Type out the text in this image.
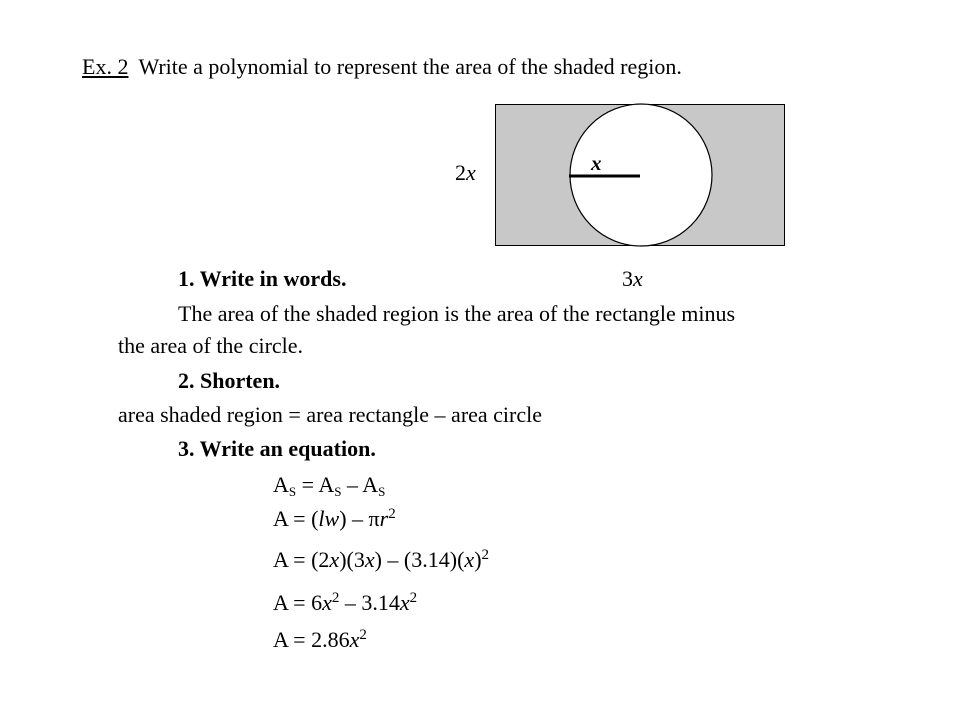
Ex. 2 Write a polynomial to represent the area of the shaded region.
2x	x
3x
1. Write in words.
The area of the shaded region is the area of the rectangle minus
the area of the circle.
2. Shorten.
area shaded region = area rectangle – area circle
3. Write an equation.
$A_S = A_S - A_S$
$A = (lw) - \pi r^2$
$A = (2x)(3x) - (3.14)(x)^2$
$A = 6x^2 - 3.14x^2$
$A = 2.86x^2$
